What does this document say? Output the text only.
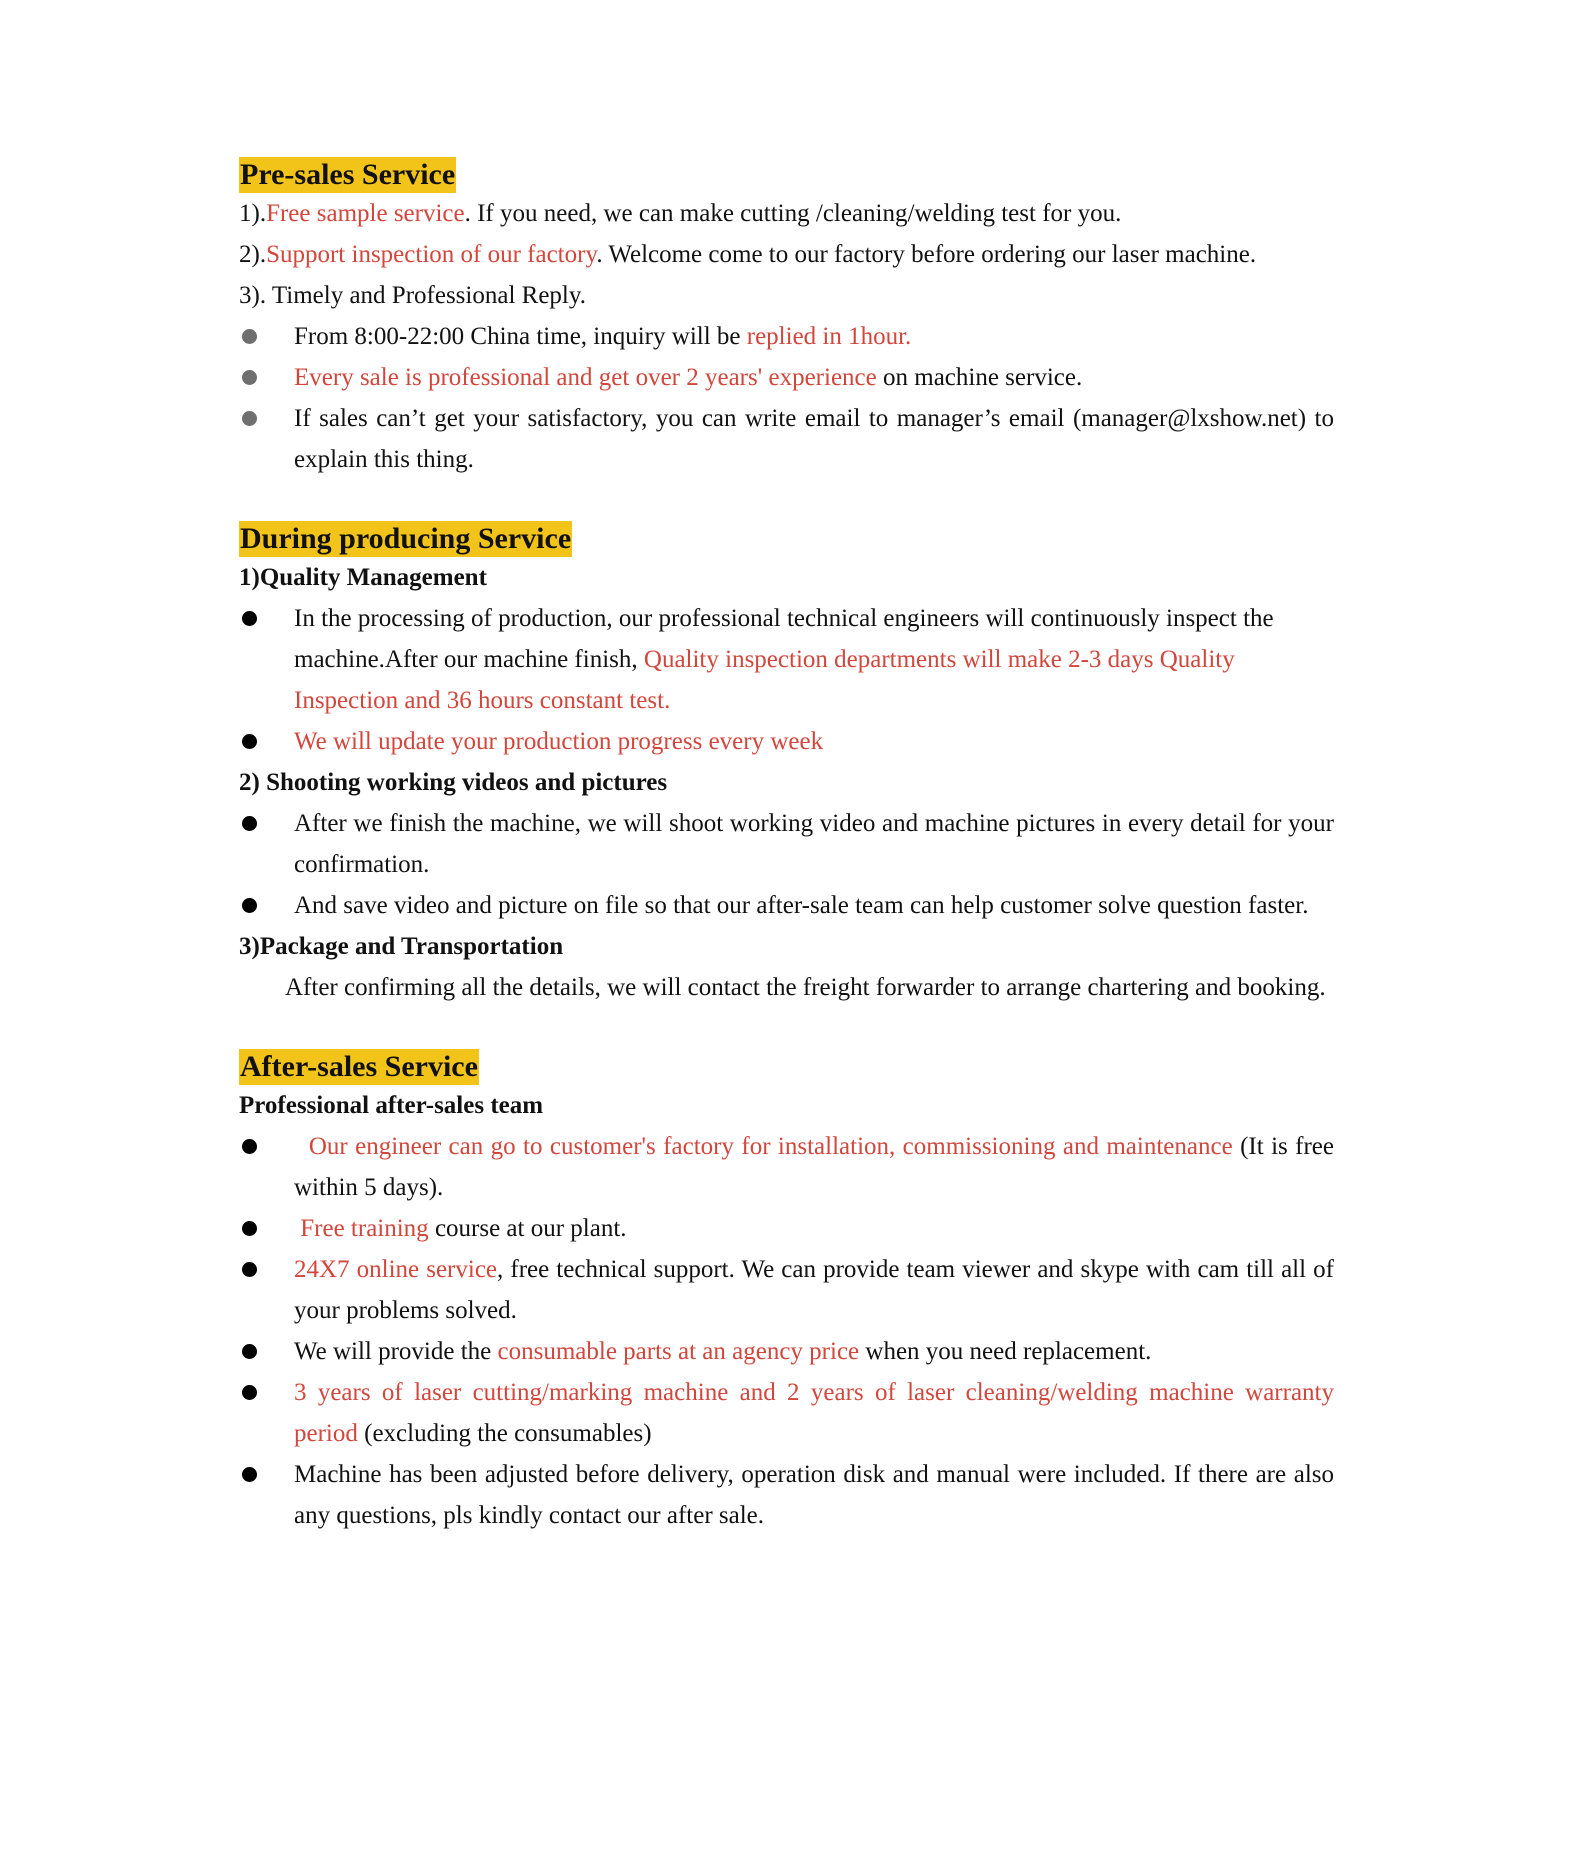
Pre-sales Service

1).Free sample service. If you need, we can make cutting /cleaning/welding test for you.

2).Support inspection of our factory. Welcome come to our factory before ordering our laser machine.

3). Timely and Professional Reply.

From 8:00-22:00 China time, inquiry will be replied in 1hour.

Every sale is professional and get over 2 years' experience on machine service.

If sales can’t get your satisfactory, you can write email to manager’s email (manager@lxshow.net) to explain this thing.

During producing Service

1)Quality Management

In the processing of production, our professional technical engineers will continuously inspect the machine.After our machine finish, Quality inspection departments will make 2-3 days Quality Inspection and 36 hours constant test.

We will update your production progress every week

2) Shooting working videos and pictures

After we finish the machine, we will shoot working video and machine pictures in every detail for your confirmation.

And save video and picture on file so that our after-sale team can help customer solve question faster.

3)Package and Transportation

After confirming all the details, we will contact the freight forwarder to arrange chartering and booking.

After-sales Service

Professional after-sales team

Our engineer can go to customer's factory for installation, commissioning and maintenance (It is free within 5 days).

Free training course at our plant.

24X7 online service, free technical support. We can provide team viewer and skype with cam till all of your problems solved.

We will provide the consumable parts at an agency price when you need replacement.

3 years of laser cutting/marking machine and 2 years of laser cleaning/welding machine warranty period (excluding the consumables)

Machine has been adjusted before delivery, operation disk and manual were included. If there are also any questions, pls kindly contact our after sale.
